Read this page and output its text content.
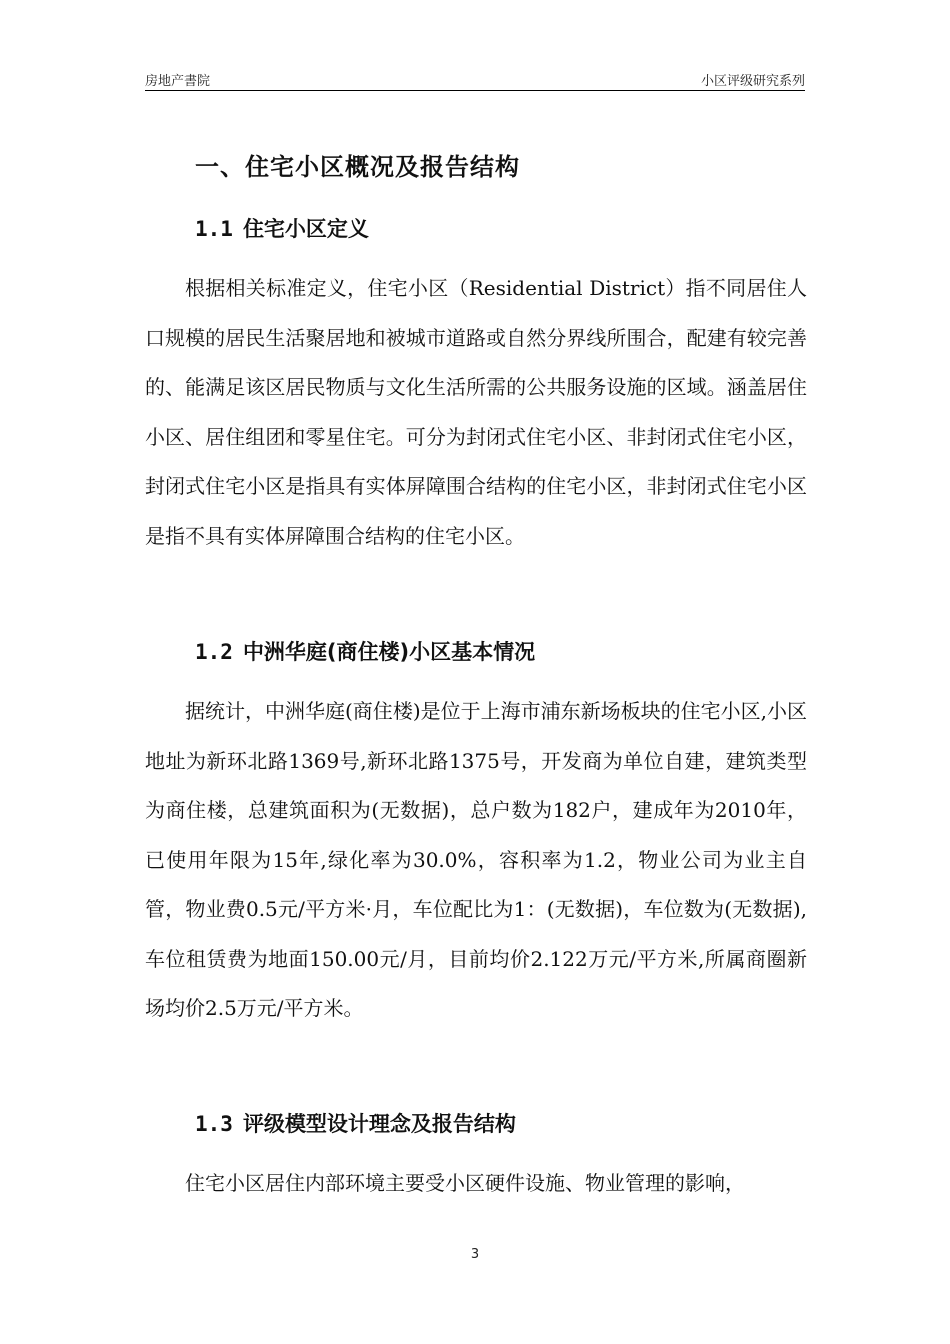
房地产書院	小区评级研究系列
一、住宅小区概况及报告结构
1.1 住宅小区定义
根据相关标准定义，住宅小区（Residential District）指不同居住人口规模的居民生活聚居地和被城市道路或自然分界线所围合，配建有较完善的、能满足该区居民物质与文化生活所需的公共服务设施的区域。涵盖居住小区、居住组团和零星住宅。可分为封闭式住宅小区、非封闭式住宅小区，封闭式住宅小区是指具有实体屏障围合结构的住宅小区，非封闭式住宅小区是指不具有实体屏障围合结构的住宅小区。
1.2 中洲华庭(商住楼)小区基本情况
据统计，中洲华庭(商住楼)是位于上海市浦东新场板块的住宅小区,小区地址为新环北路1369号,新环北路1375号，开发商为单位自建，建筑类型为商住楼，总建筑面积为(无数据)，总户数为182户，建成年为2010年，已使用年限为15年,绿化率为30.0%，容积率为1.2，物业公司为业主自管，物业费0.5元/平方米·月，车位配比为1：(无数据)，车位数为(无数据),车位租赁费为地面150.00元/月，目前均价2.122万元/平方米,所属商圈新场均价2.5万元/平方米。
1.3 评级模型设计理念及报告结构
住宅小区居住内部环境主要受小区硬件设施、物业管理的影响，
3
